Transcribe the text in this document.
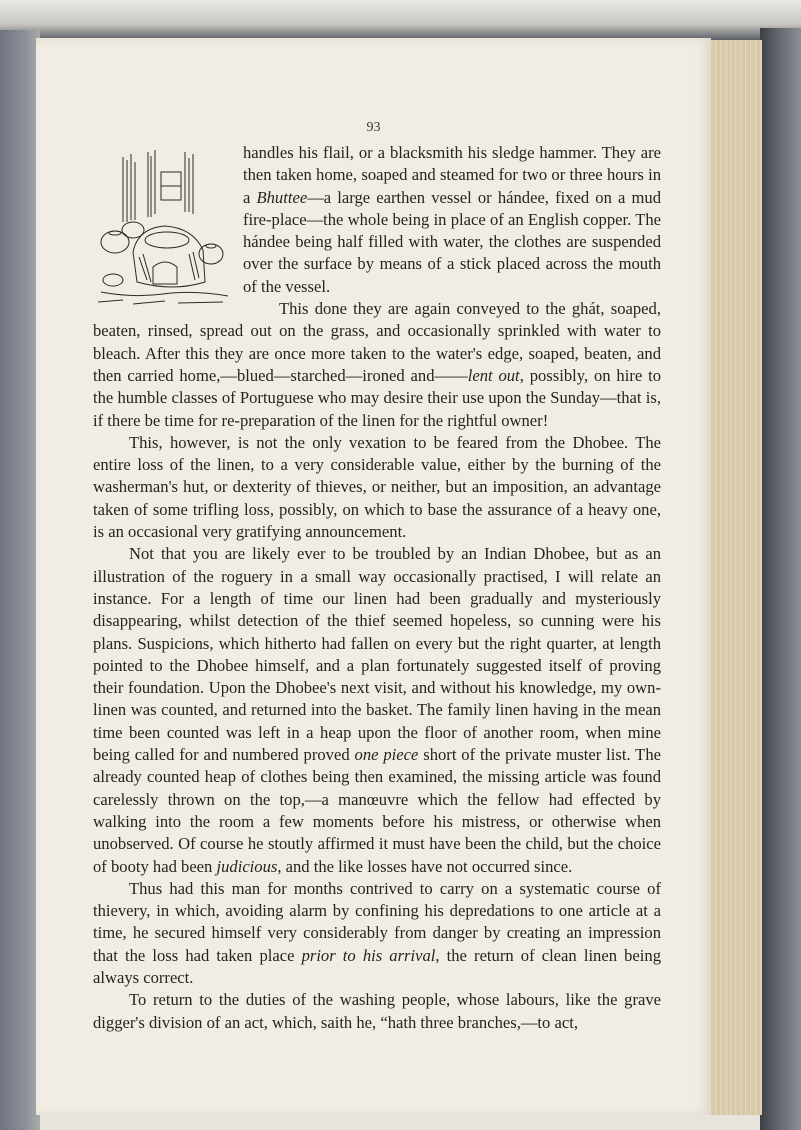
93

handles his flail, or a blacksmith his sledge hammer. They are then taken home, soaped and steamed for two or three hours in a Bhuttee—a large earthen vessel or hándee, fixed on a mud fire-place—the whole being in place of an English copper. The hándee being half filled with water, the clothes are suspended over the surface by means of a stick placed across the mouth of the vessel.

This done they are again conveyed to the ghát, soaped, beaten, rinsed, spread out on the grass, and occasionally sprinkled with water to bleach. After this they are once more taken to the water's edge, soaped, beaten, and then carried home,—blued—starched—ironed and——lent out, possibly, on hire to the humble classes of Portuguese who may desire their use upon the Sunday—that is, if there be time for re-preparation of the linen for the rightful owner!

This, however, is not the only vexation to be feared from the Dhobee. The entire loss of the linen, to a very considerable value, either by the burning of the washerman's hut, or dexterity of thieves, or neither, but an imposition, an advantage taken of some trifling loss, possibly, on which to base the assurance of a heavy one, is an occasional very gratifying announcement.

Not that you are likely ever to be troubled by an Indian Dhobee, but as an illustration of the roguery in a small way occasionally practised, I will relate an instance. For a length of time our linen had been gradually and mysteriously disappearing, whilst detection of the thief seemed hopeless, so cunning were his plans. Suspicions, which hitherto had fallen on every but the right quarter, at length pointed to the Dhobee himself, and a plan fortunately suggested itself of proving their foundation. Upon the Dhobee's next visit, and without his knowledge, my own-linen was counted, and returned into the basket. The family linen having in the mean time been counted was left in a heap upon the floor of another room, when mine being called for and numbered proved one piece short of the private muster list. The already counted heap of clothes being then examined, the missing article was found carelessly thrown on the top,—a manœuvre which the fellow had effected by walking into the room a few moments before his mistress, or otherwise when unobserved. Of course he stoutly affirmed it must have been the child, but the choice of booty had been judicious, and the like losses have not occurred since.

Thus had this man for months contrived to carry on a systematic course of thievery, in which, avoiding alarm by confining his depredations to one article at a time, he secured himself very considerably from danger by creating an impression that the loss had taken place prior to his arrival, the return of clean linen being always correct.

To return to the duties of the washing people, whose labours, like the grave digger's division of an act, which, saith he, “hath three branches,—to act,
